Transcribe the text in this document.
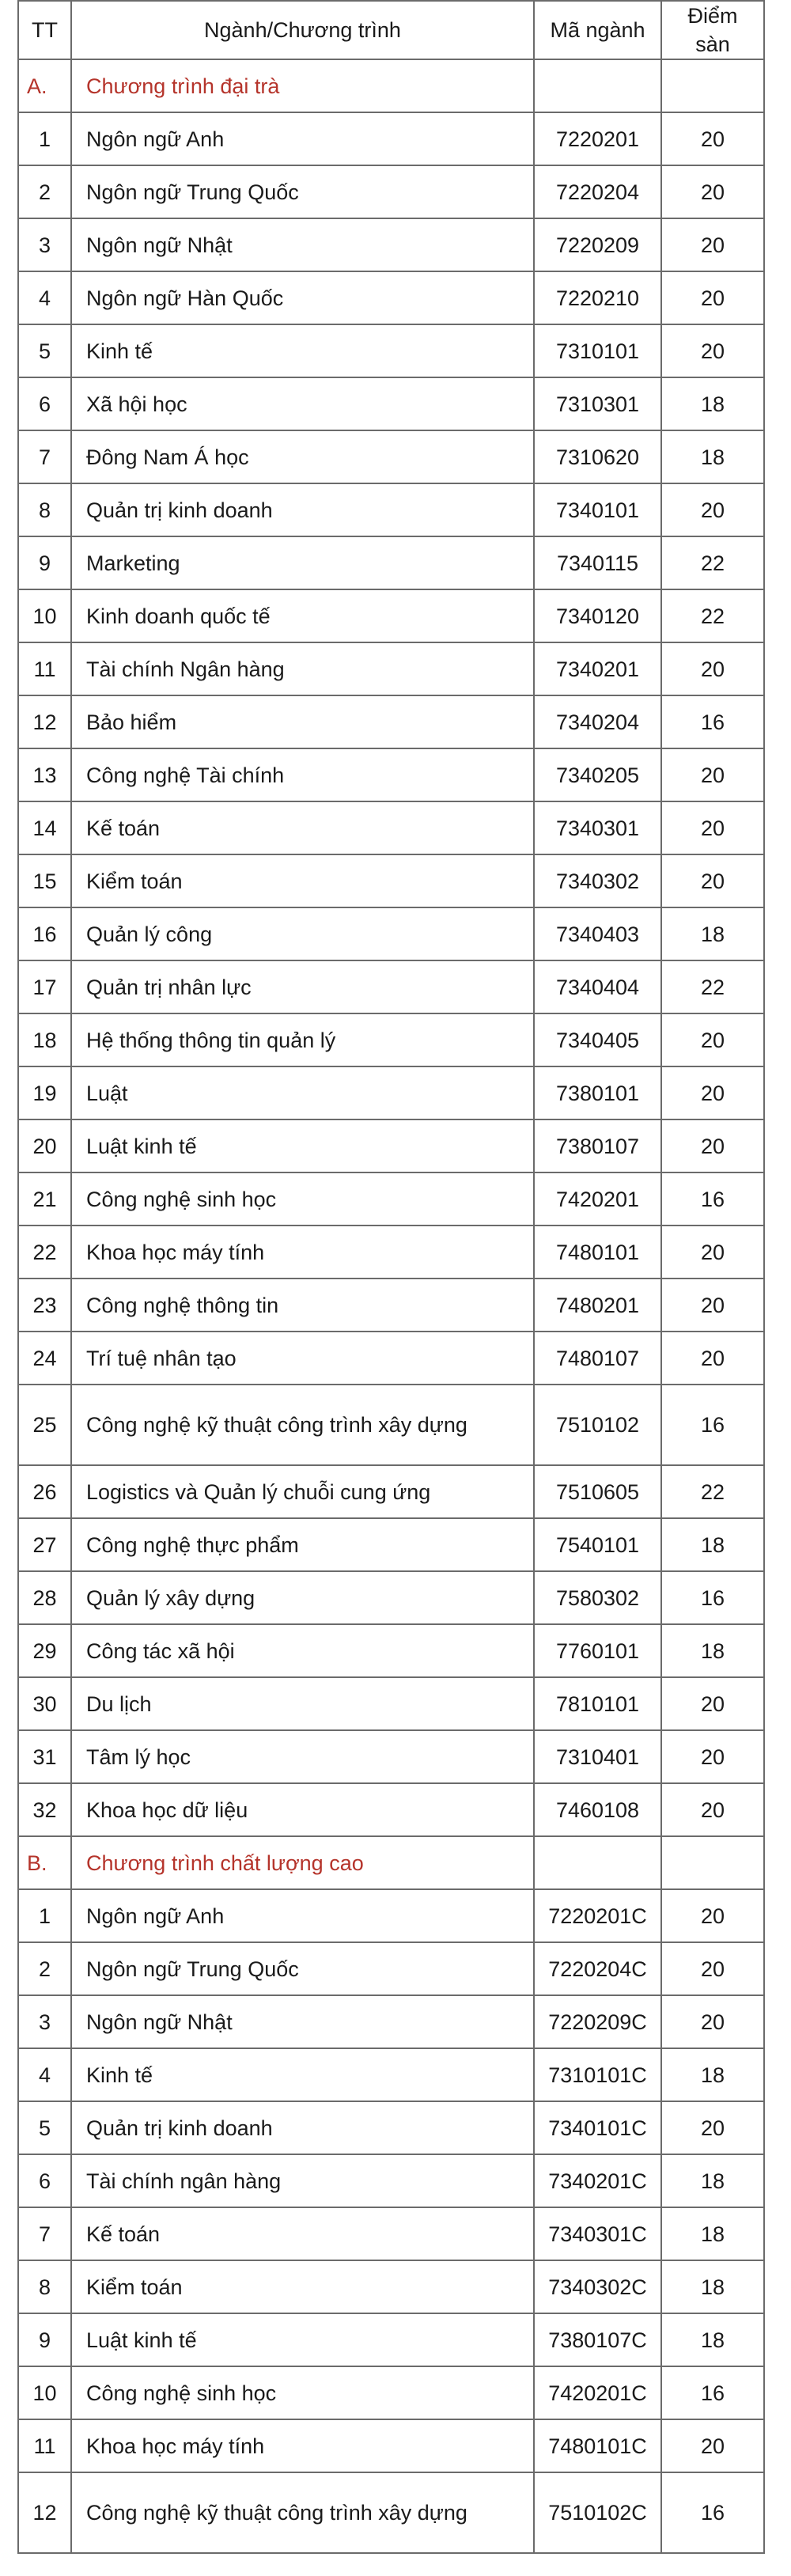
TT	Ngành/Chương trình	Mã ngành	Điểm sàn
A.	Chương trình đại trà		
1	Ngôn ngữ Anh	7220201	20
2	Ngôn ngữ Trung Quốc	7220204	20
3	Ngôn ngữ Nhật	7220209	20
4	Ngôn ngữ Hàn Quốc	7220210	20
5	Kinh tế	7310101	20
6	Xã hội học	7310301	18
7	Đông Nam Á học	7310620	18
8	Quản trị kinh doanh	7340101	20
9	Marketing	7340115	22
10	Kinh doanh quốc tế	7340120	22
11	Tài chính Ngân hàng	7340201	20
12	Bảo hiểm	7340204	16
13	Công nghệ Tài chính	7340205	20
14	Kế toán	7340301	20
15	Kiểm toán	7340302	20
16	Quản lý công	7340403	18
17	Quản trị nhân lực	7340404	22
18	Hệ thống thông tin quản lý	7340405	20
19	Luật	7380101	20
20	Luật kinh tế	7380107	20
21	Công nghệ sinh học	7420201	16
22	Khoa học máy tính	7480101	20
23	Công nghệ thông tin	7480201	20
24	Trí tuệ nhân tạo	7480107	20
25	Công nghệ kỹ thuật công trình xây dựng	7510102	16
26	Logistics và Quản lý chuỗi cung ứng	7510605	22
27	Công nghệ thực phẩm	7540101	18
28	Quản lý xây dựng	7580302	16
29	Công tác xã hội	7760101	18
30	Du lịch	7810101	20
31	Tâm lý học	7310401	20
32	Khoa học dữ liệu	7460108	20
B.	Chương trình chất lượng cao		
1	Ngôn ngữ Anh	7220201C	20
2	Ngôn ngữ Trung Quốc	7220204C	20
3	Ngôn ngữ Nhật	7220209C	20
4	Kinh tế	7310101C	18
5	Quản trị kinh doanh	7340101C	20
6	Tài chính ngân hàng	7340201C	18
7	Kế toán	7340301C	18
8	Kiểm toán	7340302C	18
9	Luật kinh tế	7380107C	18
10	Công nghệ sinh học	7420201C	16
11	Khoa học máy tính	7480101C	20
12	Công nghệ kỹ thuật công trình xây dựng	7510102C	16
